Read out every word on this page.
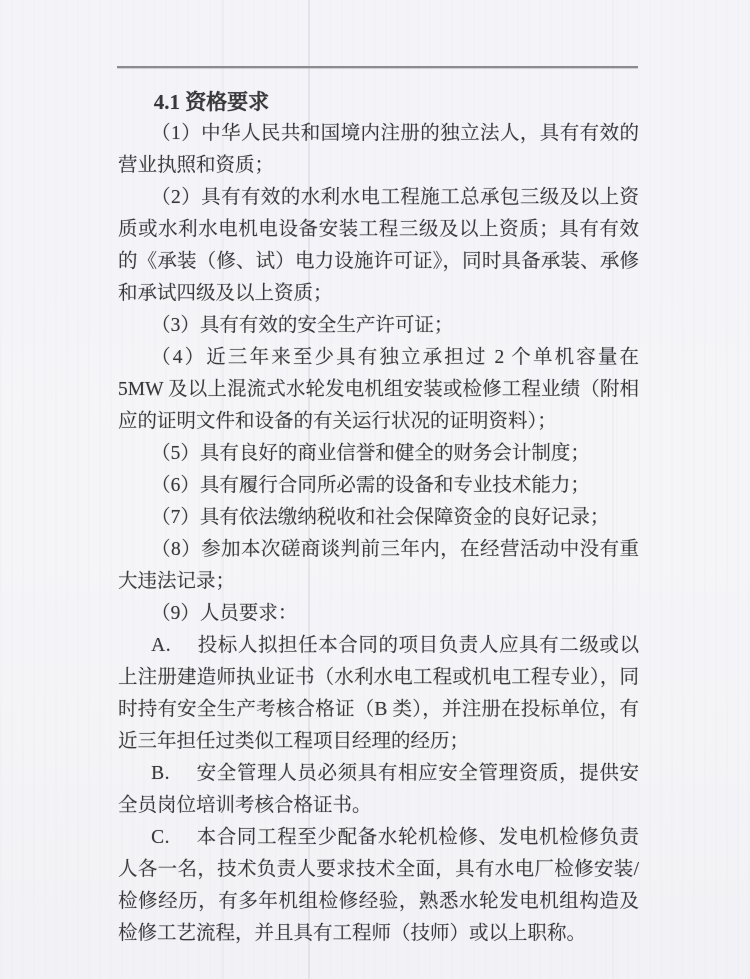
4.1 资格要求

（1）中华人民共和国境内注册的独立法人，具有有效的营业执照和资质；

（2）具有有效的水利水电工程施工总承包三级及以上资质或水利水电机电设备安装工程三级及以上资质；具有有效的《承装（修、试）电力设施许可证》，同时具备承装、承修和承试四级及以上资质；

（3）具有有效的安全生产许可证；

（4）近三年来至少具有独立承担过 2 个单机容量在 5MW 及以上混流式水轮发电机组安装或检修工程业绩（附相应的证明文件和设备的有关运行状况的证明资料）；

（5）具有良好的商业信誉和健全的财务会计制度；

（6）具有履行合同所必需的设备和专业技术能力；

（7）具有依法缴纳税收和社会保障资金的良好记录；

（8）参加本次磋商谈判前三年内，在经营活动中没有重大违法记录；

（9）人员要求：

A. 投标人拟担任本合同的项目负责人应具有二级或以上注册建造师执业证书（水利水电工程或机电工程专业），同时持有安全生产考核合格证（B 类），并注册在投标单位，有近三年担任过类似工程项目经理的经历；

B. 安全管理人员必须具有相应安全管理资质，提供安全员岗位培训考核合格证书。

C. 本合同工程至少配备水轮机检修、发电机检修负责人各一名，技术负责人要求技术全面，具有水电厂检修安装/检修经历，有多年机组检修经验，熟悉水轮发电机组构造及检修工艺流程，并且具有工程师（技师）或以上职称。
